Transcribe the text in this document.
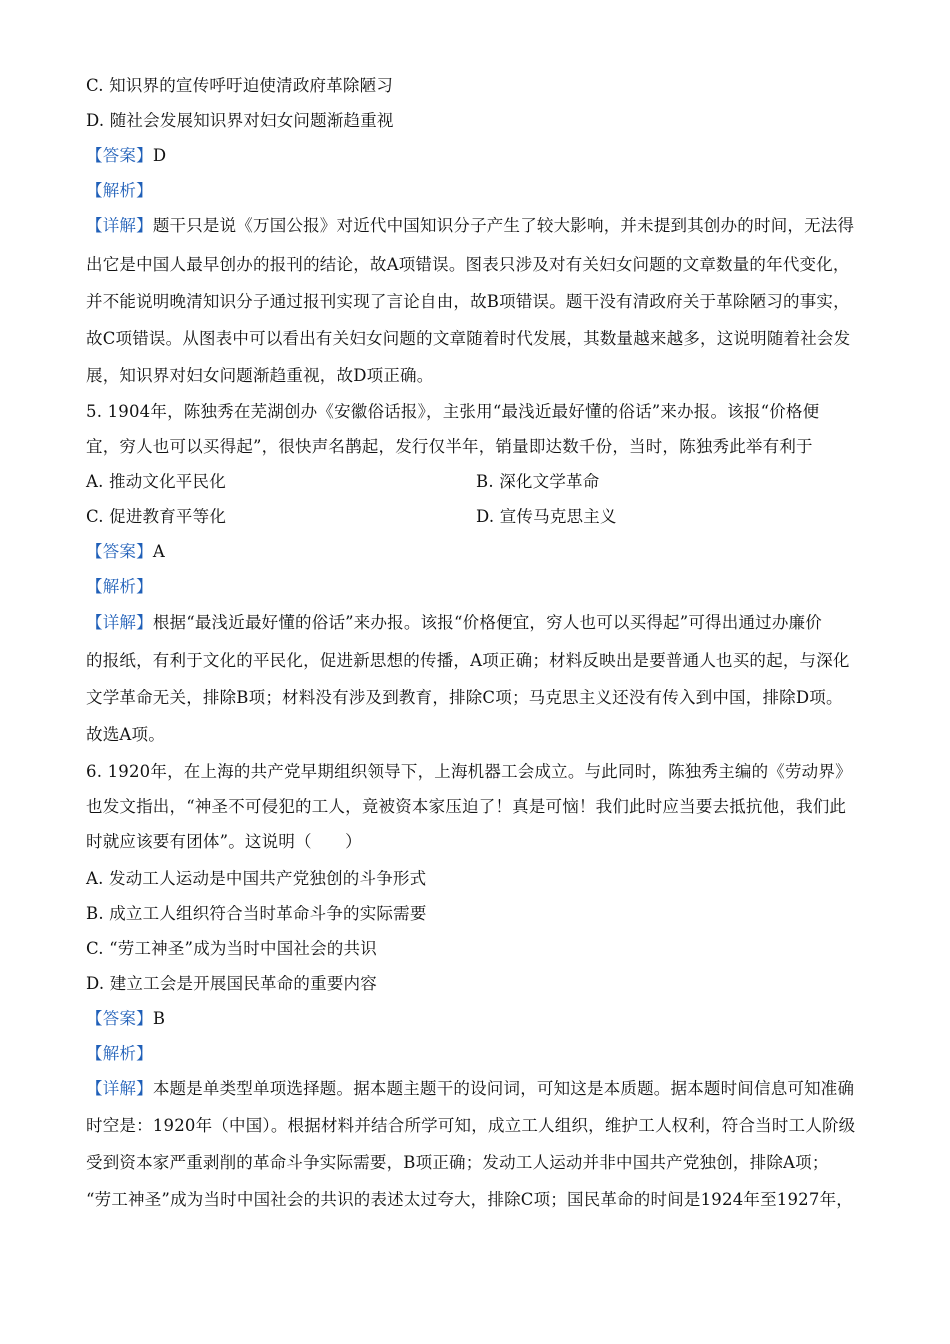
C. 知识界的宣传呼吁迫使清政府革除陋习
D. 随社会发展知识界对妇女问题渐趋重视
【答案】D
【解析】
【详解】题干只是说《万国公报》对近代中国知识分子产生了较大影响，并未提到其创办的时间，无法得
出它是中国人最早创办的报刊的结论，故A项错误。图表只涉及对有关妇女问题的文章数量的年代变化，
并不能说明晚清知识分子通过报刊实现了言论自由，故B项错误。题干没有清政府关于革除陋习的事实，
故C项错误。从图表中可以看出有关妇女问题的文章随着时代发展，其数量越来越多，这说明随着社会发
展，知识界对妇女问题渐趋重视，故D项正确。
5. 1904年，陈独秀在芜湖创办《安徽俗话报》，主张用“最浅近最好懂的俗话”来办报。该报“价格便
宜，穷人也可以买得起”，很快声名鹊起，发行仅半年，销量即达数千份，当时，陈独秀此举有利于
A. 推动文化平民化	B. 深化文学革命
C. 促进教育平等化	D. 宣传马克思主义
【答案】A
【解析】
【详解】根据“最浅近最好懂的俗话”来办报。该报“价格便宜，穷人也可以买得起”可得出通过办廉价
的报纸，有利于文化的平民化，促进新思想的传播，A项正确；材料反映出是要普通人也买的起，与深化
文学革命无关，排除B项；材料没有涉及到教育，排除C项；马克思主义还没有传入到中国，排除D项。
故选A项。
6. 1920年，在上海的共产党早期组织领导下，上海机器工会成立。与此同时，陈独秀主编的《劳动界》
也发文指出，“神圣不可侵犯的工人，竟被资本家压迫了！真是可恼！我们此时应当要去抵抗他，我们此
时就应该要有团体”。这说明（　　）
A. 发动工人运动是中国共产党独创的斗争形式
B. 成立工人组织符合当时革命斗争的实际需要
C. “劳工神圣”成为当时中国社会的共识
D. 建立工会是开展国民革命的重要内容
【答案】B
【解析】
【详解】本题是单类型单项选择题。据本题主题干的设问词，可知这是本质题。据本题时间信息可知准确
时空是：1920年（中国）。根据材料并结合所学可知，成立工人组织，维护工人权利，符合当时工人阶级
受到资本家严重剥削的革命斗争实际需要，B项正确；发动工人运动并非中国共产党独创，排除A项；
“劳工神圣”成为当时中国社会的共识的表述太过夸大，排除C项；国民革命的时间是1924年至1927年，
